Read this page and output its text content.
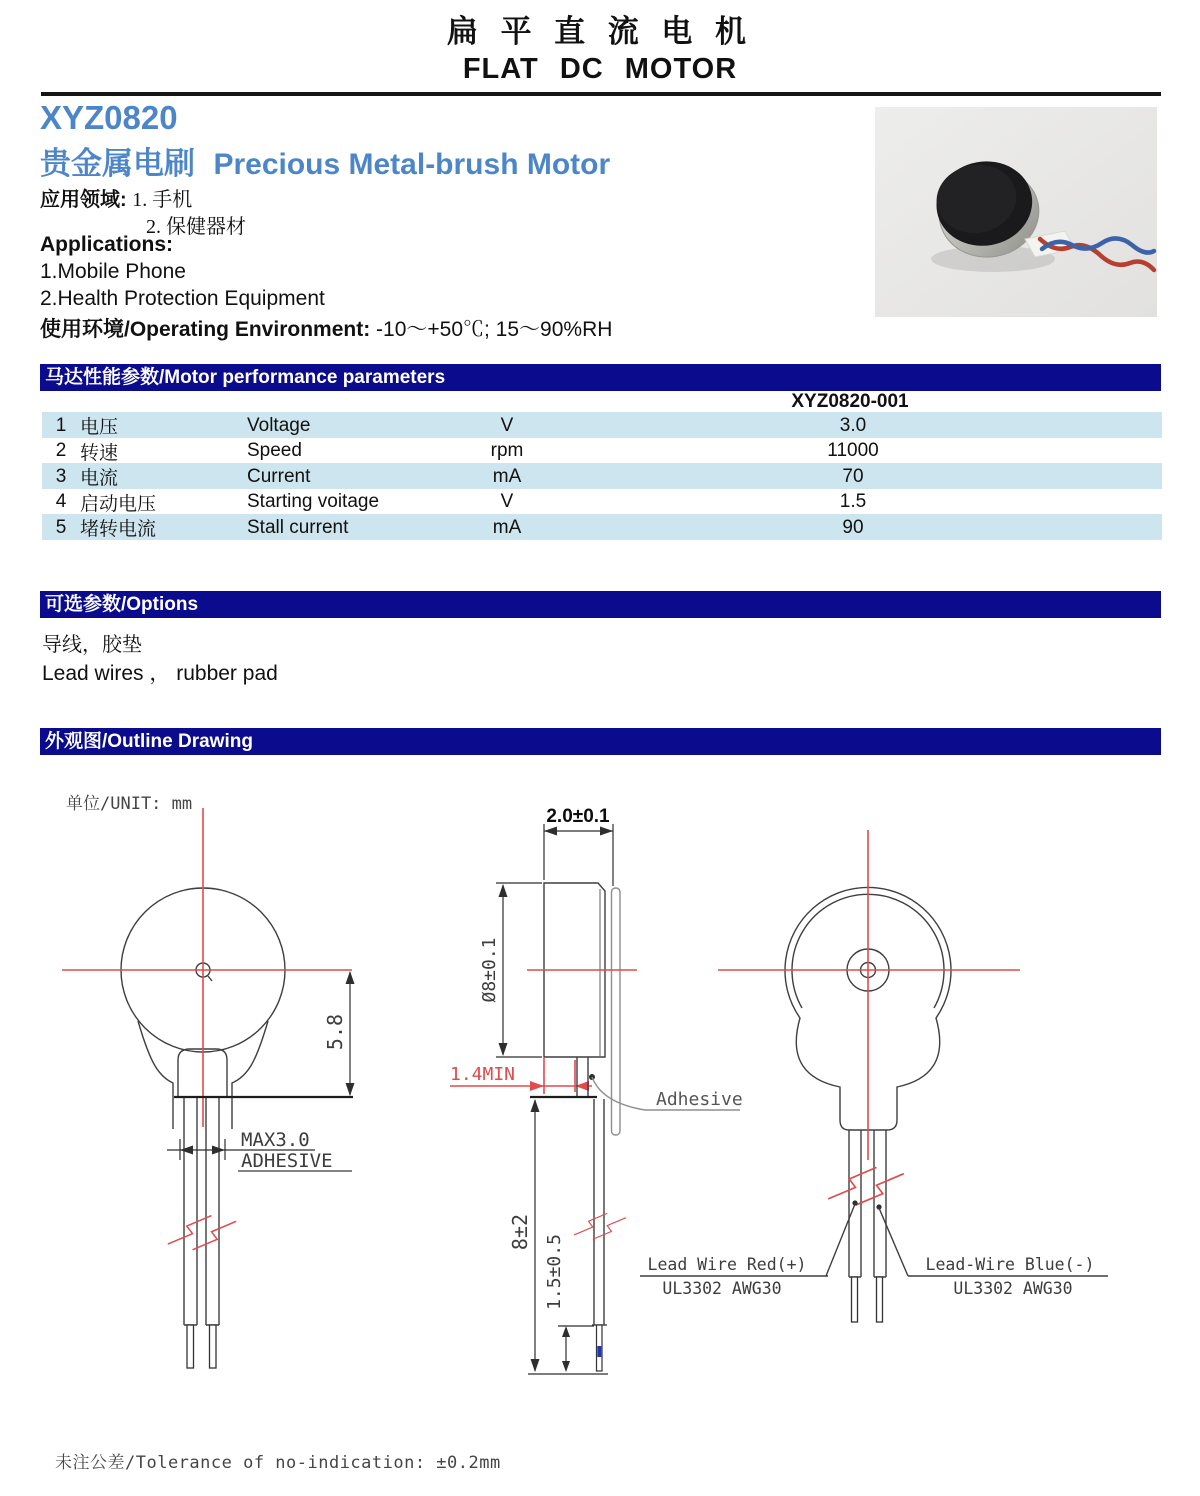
扁 平 直 流 电 机
FLAT DC MOTOR
XYZ0820
贵金属电刷 Precious Metal-brush Motor
应用领域: 1. 手机
2. 保健器材
Applications:
1.Mobile Phone
2.Health Protection Equipment
使用环境/Operating Environment: -10～+50℃; 15～90%RH
马达性能参数/Motor performance parameters
可选参数/Options
外观图/Outline Drawing
XYZ0820-001
1 电压	Voltage	V	3.0
2 转速	Speed	rpm	11000
3 电流	Current	mA	70
4 启动电压	Starting voitage	V	1.5
5 堵转电流	Stall current	mA	90
导线，胶垫
Lead wires ， rubber pad
单位/UNIT: mm
未注公差/Tolerance of no-indication: ±0.2mm
5.8
MAX3.0
ADHESIVE
2.0±0.1
Ø8±0.1
1.4MIN
Adhesive
8±2
1.5±0.5	Lead Wire Red(+)
UL3302 AWG30
Lead-Wire Blue(-)
UL3302 AWG30
